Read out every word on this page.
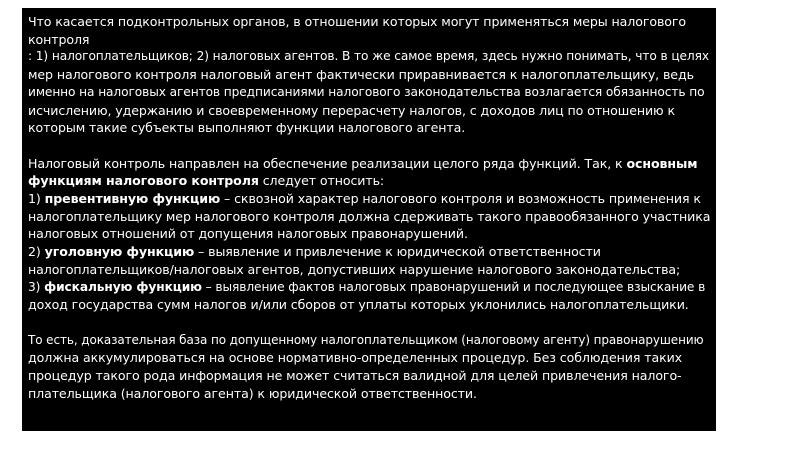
Что касается подконтрольных органов, в отношении которых могут применяться меры налогового
контроля
: 1) налогоплательщиков; 2) налоговых агентов. В то же самое время, здесь нужно понимать, что в целях
мер налогового контроля налоговый агент фактически приравнивается к налогоплательщику, ведь
именно на налоговых агентов предписаниями налогового законодательства возлагается обязанность по
исчислению, удержанию и своевременному перерасчету налогов, с доходов лиц по отношению к
которым такие субъекты выполняют функции налогового агента.
Налоговый контроль направлен на обеспечение реализации целого ряда функций. Так, к основным
функциям налогового контроля следует относить:
1) превентивную функцию – сквозной характер налогового контроля и возможность применения к
налогоплательщику мер налогового контроля должна сдерживать такого правообязанного участника
налоговых отношений от допущения налоговых правонарушений.
2) уголовную функцию – выявление и привлечение к юридической ответственности
налогоплательщиков/налоговых агентов, допустивших нарушение налогового законодательства;
3) фискальную функцию – выявление фактов налоговых правонарушений и последующее взыскание в
доход государства сумм налогов и/или сборов от уплаты которых уклонились налогоплательщики.
То есть, доказательная база по допущенному налогоплательщиком (налоговому агенту) правонарушению
должна аккумулироваться на основе нормативно-определенных процедур. Без соблюдения таких
процедур такого рода информация не может считаться валидной для целей привлечения налого-
плательщика (налогового агента) к юридической ответственности.
